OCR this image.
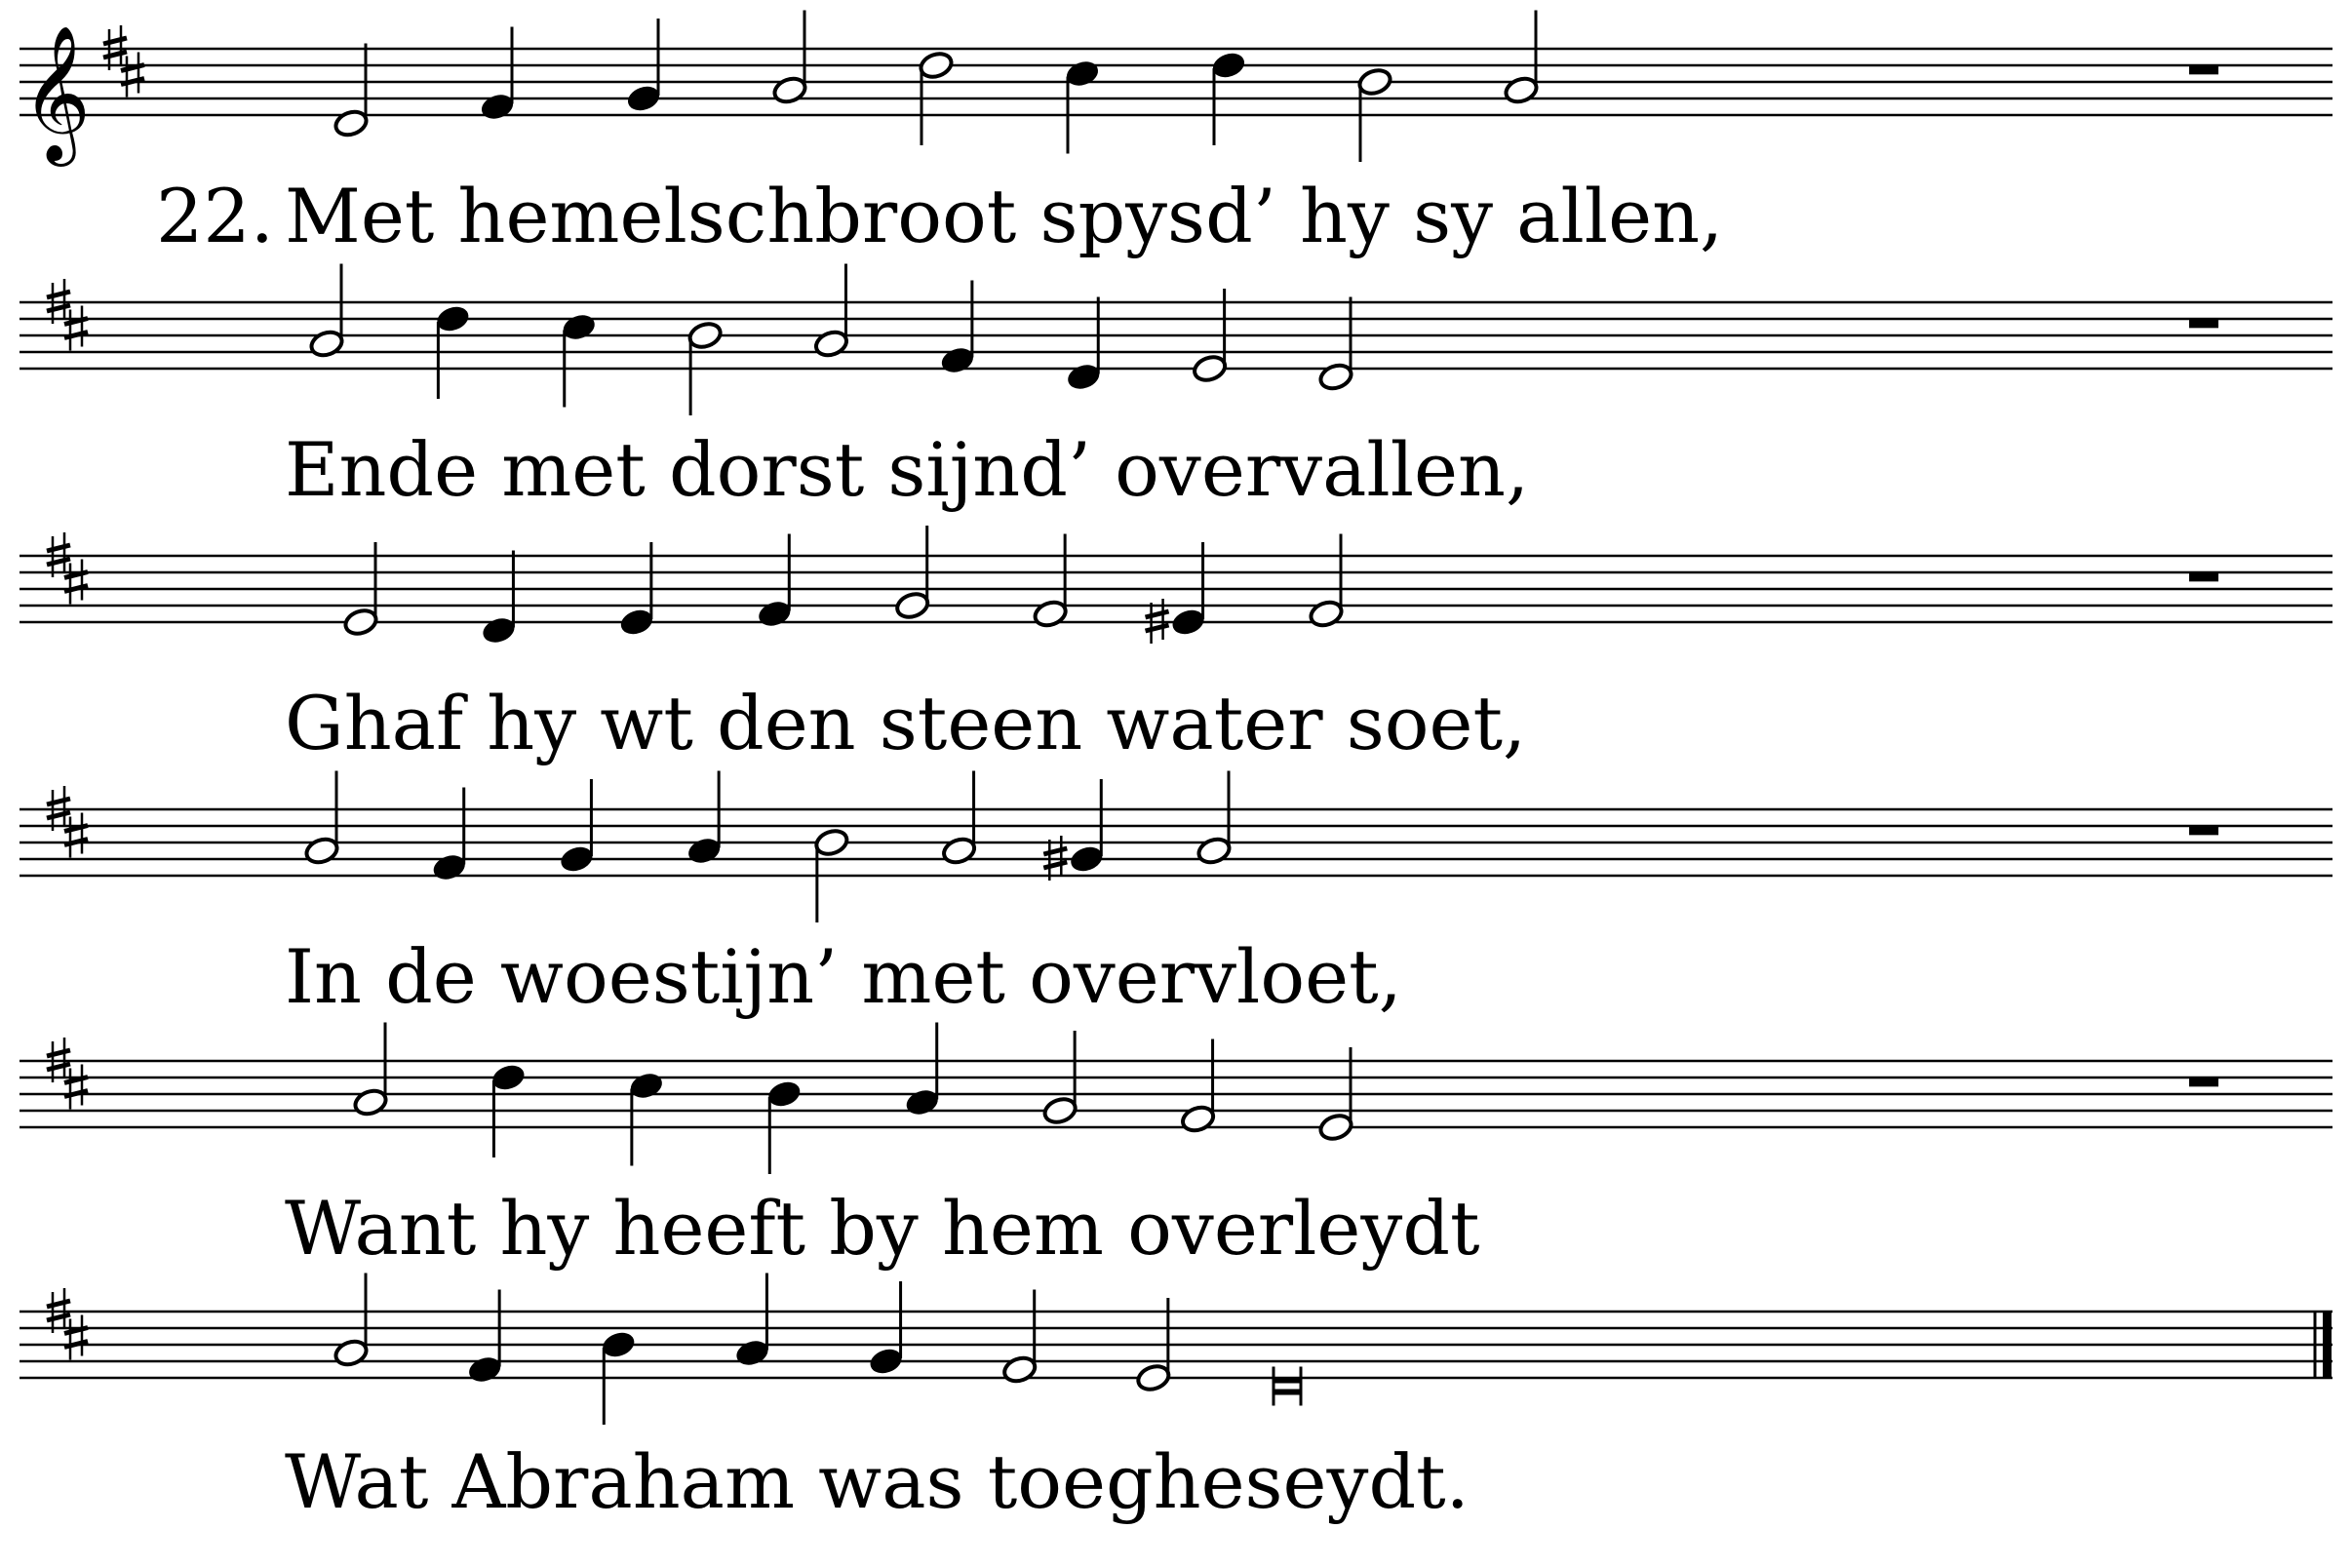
𝄞
22. Met hemelschbroot spysd’ hy sy allen,
Ende met dorst sijnd’ overvallen,
Ghaf hy wt den steen water soet,
In de woestijn’ met overvloet,
Want hy heeft by hem overleydt
Wat Abraham was toegheseydt.
